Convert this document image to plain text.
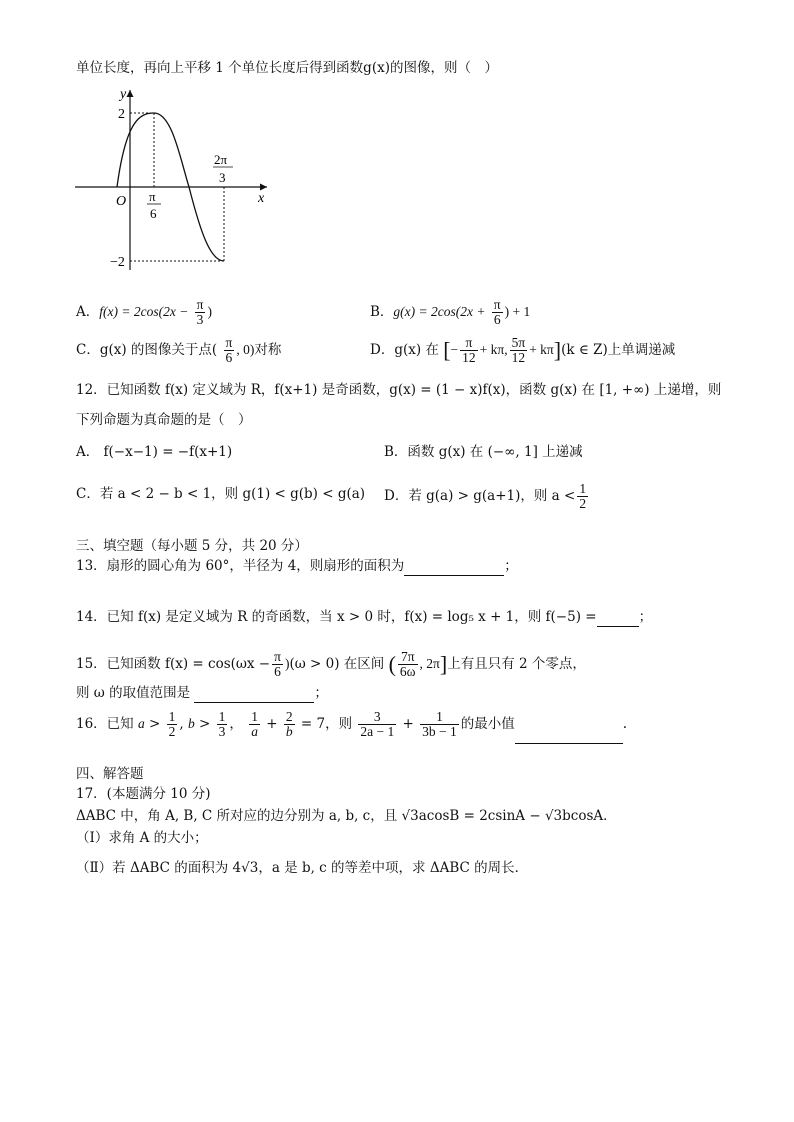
单位长度，再向上平移 1 个单位长度后得到函数g(x)的图像，则（　）
y
x
O
2
−2
π
6
2π
3
A．$f(x) = 2\cos(2x - \frac{\pi}{3}$ )	B．$g(x) = 2\cos(2x + \frac{\pi}{6}$ ) + 1
C．g(x) 的图像关于点( $\frac{\pi}{6}$ , 0)对称	D．g(x) 在 [− $\frac{\pi}{12} + k\pi$, $\frac{5\pi}{12} + k\pi](k$ ∈ Z)上单调递减
12．已知函数 f(x) 定义域为 R，f(x+1) 是奇函数，g(x) = (1 − x)f(x)，函数 g(x) 在 [1, +∞) 上递增，则
下列命题为真命题的是（　）
A． f(−x−1) = −f(x+1)	B．函数 g(x) 在 (−∞, 1] 上递减
C．若 a < 2 − b < 1，则 g(1) < g(b) < g(a) D．若 g(a) > g(a+1)，则 $a < \frac{1}{2}$
三、填空题（每小题 5 分，共 20 分）
13．扇形的圆心角为 60°，半径为 4，则扇形的面积为	；
14．已知 f(x) 是定义域为 R 的奇函数，当 x > 0 时，f(x) = log₅ x + 1，则 f(−5) =	；
15．已知函数 $f(x) = \cos(\omega x - \frac{\pi}{6} )(\omega > 0)$ 在区间 ( $\frac{7\pi}{6\omega}$ , 2π]上有且只有 2 个零点，
则 ω 的取值范围是	；
16．已知 $a > \frac{1}{2}$ , $b > \frac{1}{3}$ ， $\frac{1}{a} + \frac{2}{b} = 7$，则 $\frac{3}{2a - 1} + \frac{1}{3b - 1}$ 的最小值	.
四、解答题
17．(本题满分 10 分)
ΔABC 中，角 A, B, C 所对应的边分别为 a, b, c，且 √3acosB = 2csinA − √3bcosA．
（Ⅰ）求角 A 的大小；
（Ⅱ）若 ΔABC 的面积为 4√3，a 是 b, c 的等差中项，求 ΔABC 的周长．
